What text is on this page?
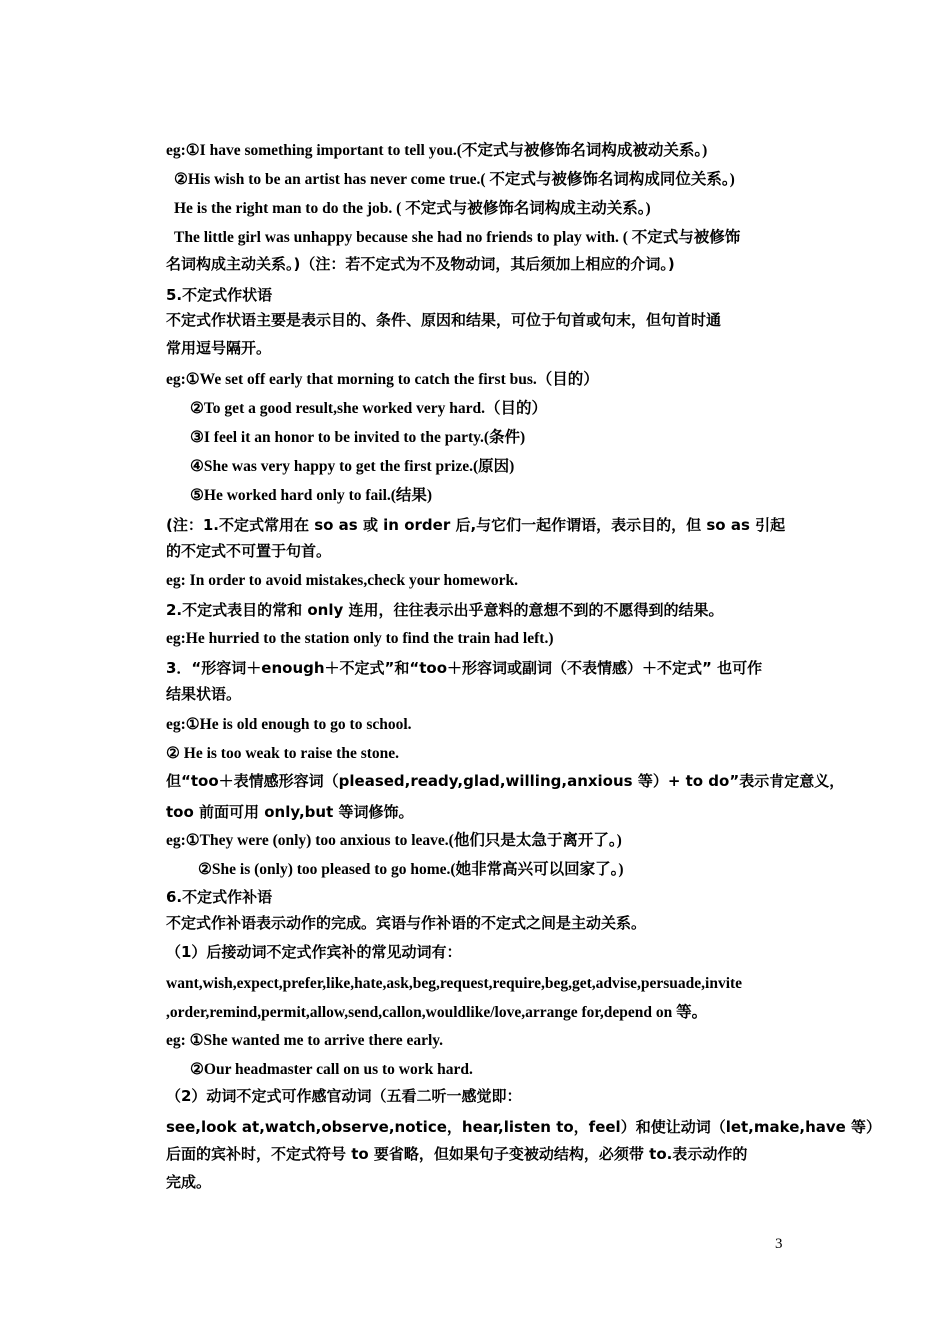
eg:①I have something important to tell you.(不定式与被修饰名词构成被动关系。)
②His wish to be an artist has never come true.( 不定式与被修饰名词构成同位关系。)
He is the right man to do the job. ( 不定式与被修饰名词构成主动关系。)
The little girl was unhappy because she had no friends to play with. ( 不定式与被修饰
名词构成主动关系。)（注：若不定式为不及物动词，其后须加上相应的介词。)
5.不定式作状语
不定式作状语主要是表示目的、条件、原因和结果，可位于句首或句末，但句首时通
常用逗号隔开。
eg:①We set off early that morning to catch the first bus.（目的）
②To get a good result,she worked very hard.（目的）
③I feel it an honor to be invited to the party.(条件)
④She was very happy to get the first prize.(原因)
⑤He worked hard only to fail.(结果)
(注：1.不定式常用在 so as 或 in order 后,与它们一起作谓语，表示目的，但 so as 引起
的不定式不可置于句首。
eg: In order to avoid mistakes,check your homework.
2.不定式表目的常和 only 连用，往往表示出乎意料的意想不到的不愿得到的结果。
eg:He hurried to the station only to find the train had left.)
3．“形容词＋enough＋不定式”和“too＋形容词或副词（不表情感）＋不定式” 也可作
结果状语。
eg:①He is old enough to go to school.
② He is too weak to raise the stone.
但“too＋表情感形容词（pleased,ready,glad,willing,anxious 等）+ to do”表示肯定意义，
too 前面可用 only,but 等词修饰。
eg:①They were (only) too anxious to leave.(他们只是太急于离开了。)
②She is (only) too pleased to go home.(她非常高兴可以回家了。)
6.不定式作补语
不定式作补语表示动作的完成。宾语与作补语的不定式之间是主动关系。
（1）后接动词不定式作宾补的常见动词有：
want,wish,expect,prefer,like,hate,ask,beg,request,require,beg,get,advise,persuade,invite
,order,remind,permit,allow,send,callon,wouldlike/love,arrange for,depend on 等。
eg: ①She wanted me to arrive there early.
②Our headmaster call on us to work hard.
（2）动词不定式可作感官动词（五看二听一感觉即：
see,look at,watch,observe,notice，hear,listen to，feel）和使让动词（let,make,have 等）
后面的宾补时，不定式符号 to 要省略，但如果句子变被动结构，必须带 to.表示动作的
完成。
3
